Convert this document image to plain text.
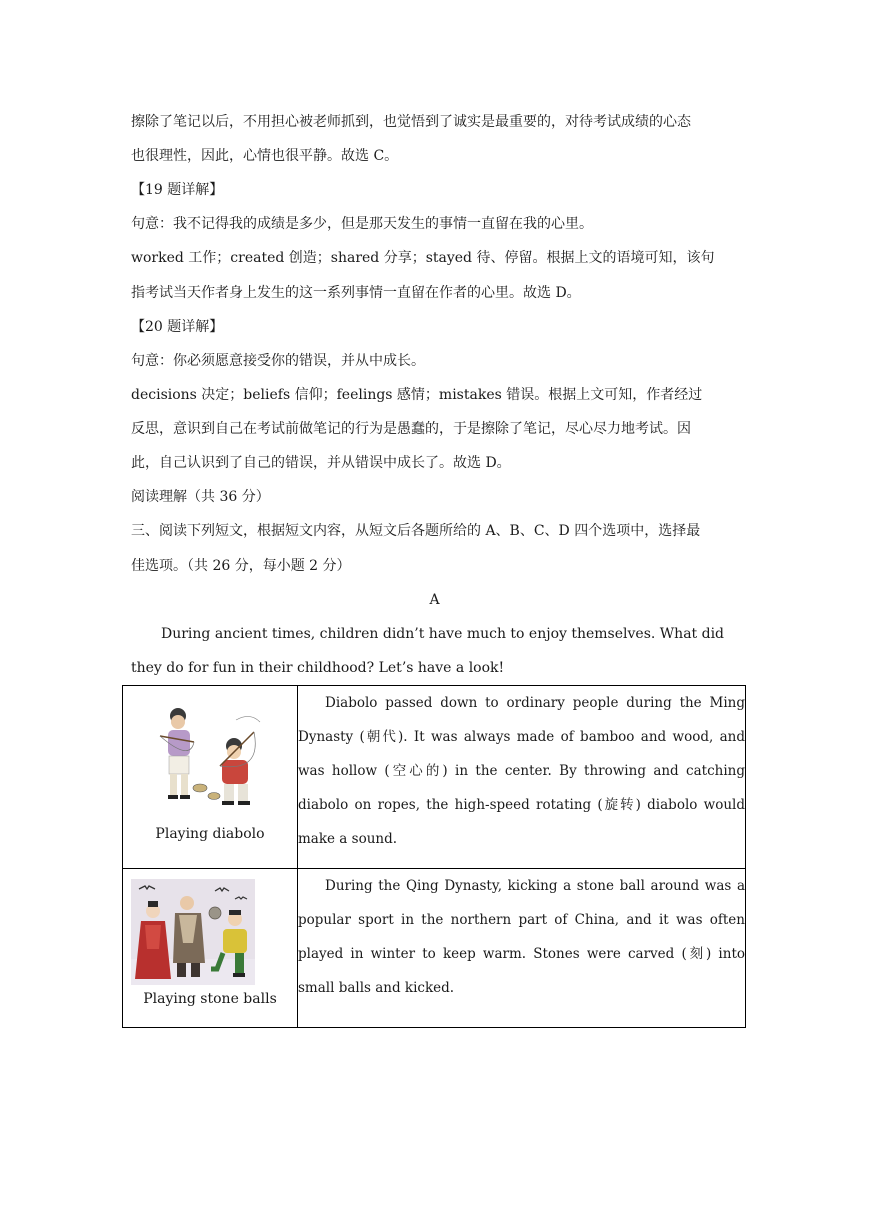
擦除了笔记以后，不用担心被老师抓到，也觉悟到了诚实是最重要的，对待考试成绩的心态
也很理性，因此，心情也很平静。故选 C。
【19 题详解】
句意：我不记得我的成绩是多少，但是那天发生的事情一直留在我的心里。
worked 工作；created 创造；shared 分享；stayed 待、停留。根据上文的语境可知，该句
指考试当天作者身上发生的这一系列事情一直留在作者的心里。故选 D。
【20 题详解】
句意：你必须愿意接受你的错误，并从中成长。
decisions 决定；beliefs 信仰；feelings 感情；mistakes 错误。根据上文可知，作者经过
反思，意识到自己在考试前做笔记的行为是愚蠢的，于是擦除了笔记，尽心尽力地考试。因
此，自己认识到了自己的错误，并从错误中成长了。故选 D。
阅读理解（共 36 分）
三、阅读下列短文，根据短文内容，从短文后各题所给的 A、B、C、D 四个选项中，选择最
佳选项。（共 26 分，每小题 2 分）
A
During ancient times, children didn’t have much to enjoy themselves. What did
they do for fun in their childhood? Let’s have a look!
Playing diabolo	Diabolo passed down to ordinary people during the Ming Dynasty (朝代). It was always made of bamboo and wood, and was hollow (空心的) in the center. By throwing and catching diabolo on ropes, the high-speed rotating (旋转) diabolo would make a sound.

Playing stone balls	During the Qing Dynasty, kicking a stone ball around was a popular sport in the northern part of China, and it was often played in winter to keep warm. Stones were carved (刻) into small balls and kicked.
